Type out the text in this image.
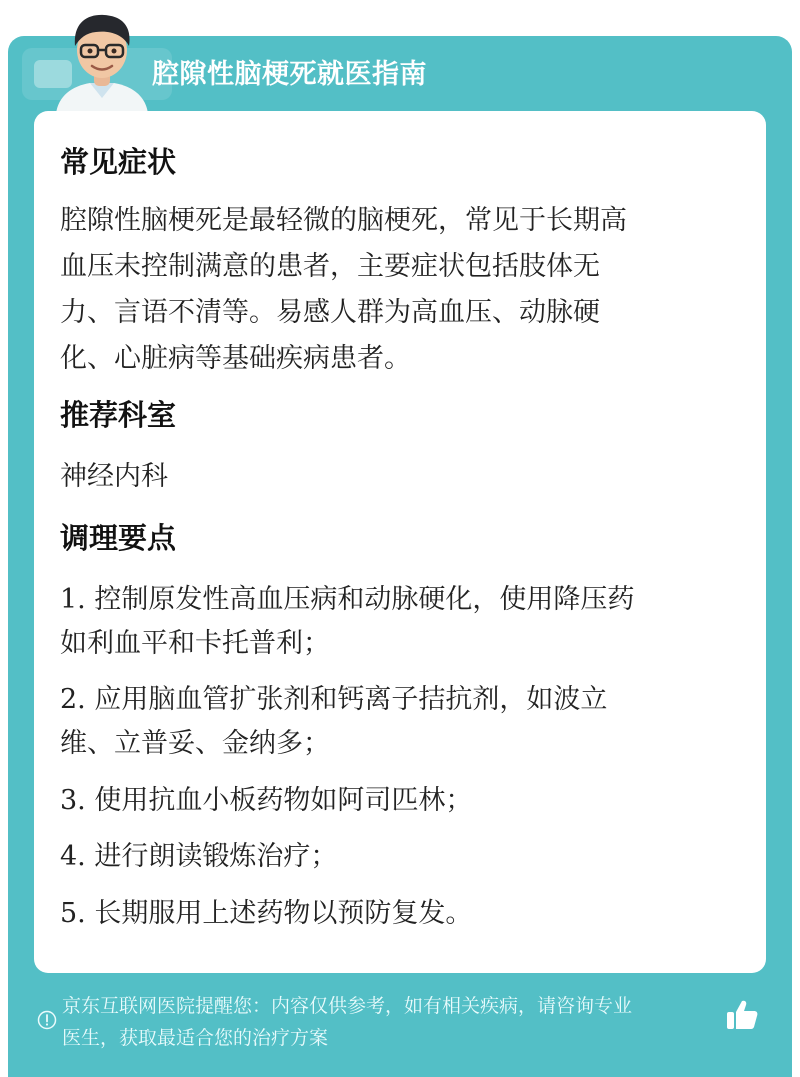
腔隙性脑梗死就医指南
常见症状
腔隙性脑梗死是最轻微的脑梗死，常见于长期高
血压未控制满意的患者，主要症状包括肢体无
力、言语不清等。易感人群为高血压、动脉硬
化、心脏病等基础疾病患者。
推荐科室
神经内科
调理要点
1. 控制原发性高血压病和动脉硬化，使用降压药
如利血平和卡托普利；
2. 应用脑血管扩张剂和钙离子拮抗剂，如波立
维、立普妥、金纳多；
3. 使用抗血小板药物如阿司匹林；
4. 进行朗读锻炼治疗；
5. 长期服用上述药物以预防复发。
京东互联网医院提醒您：内容仅供参考，如有相关疾病，请咨询专业
医生，获取最适合您的治疗方案
